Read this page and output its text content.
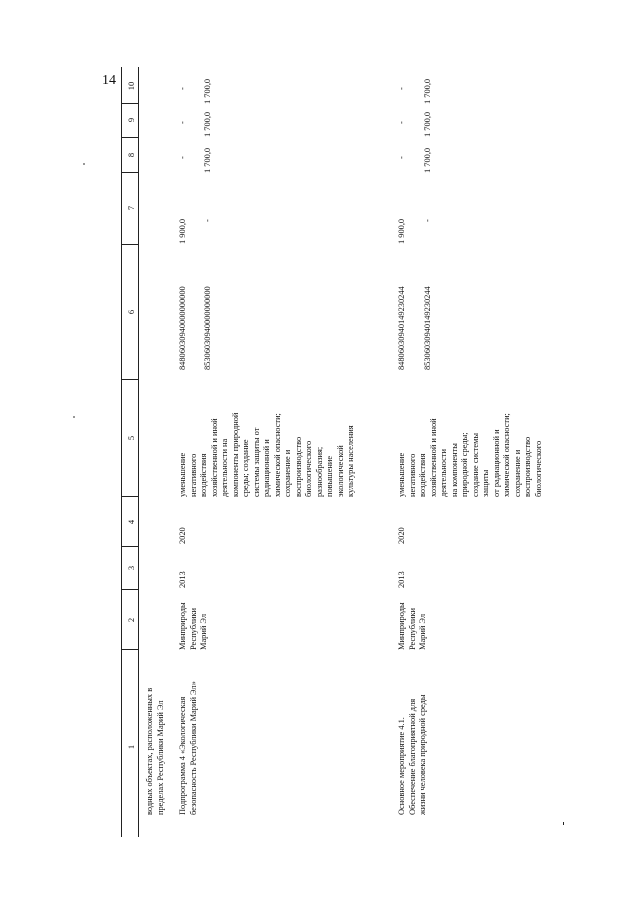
14
1
2
3
4
5
6
7
8
9
10
водных объектах, расположенных в
пределах Республики Марий Эл
Подпрограмма 4 «Экологическая
безопасность Республики Марий Эл»
Минприроды
Республики
Марий Эл
2013
2020
уменьшение
негативного
воздействия
хозяйственной и иной
деятельности на
компоненты природной
среды; создание
системы защиты от
радиационной и
химической опасности;
сохранение и
воспроизводство
биологического
разнообразия;
повышение
экологической
культуры населения
84806030940000000000 85306030940000000000
1 900,0 -
- 1 700,0
- 1 700,0
- 1 700,0
Основное мероприятие 4.1.
Обеспечение благоприятной для
жизни человека природной среды
Минприроды
Республики
Марий Эл
2013
2020
уменьшение
негативного
воздействия
хозяйственной и иной
деятельности
на компоненты
природной среды;
создание системы
защиты
от радиационной и
химической опасности;
сохранение и
воспроизводство
биологического
84806030940149230244 85306030940149230244
1 900,0 -
- 1 700,0
- 1 700,0
- 1 700,0
